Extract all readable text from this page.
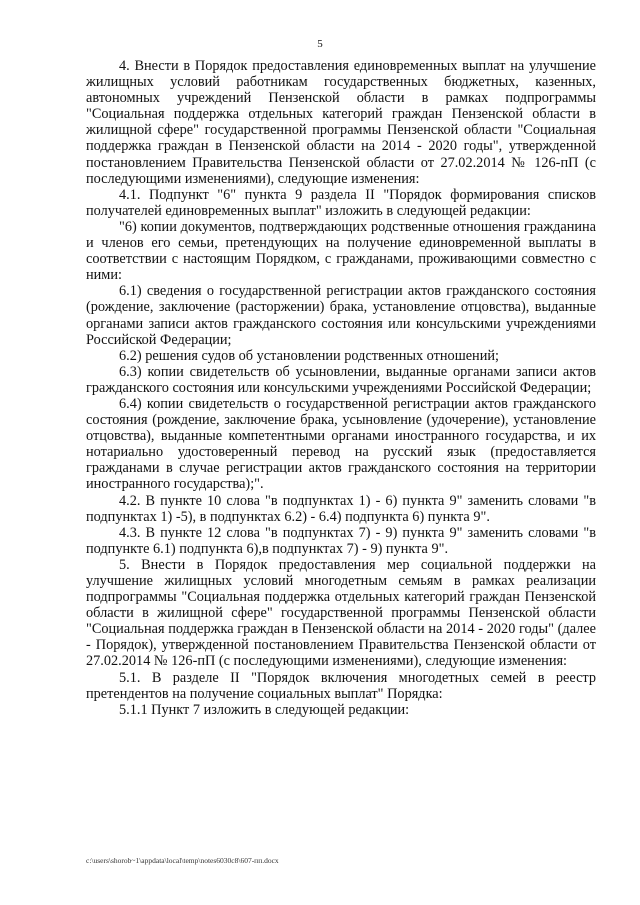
5

4. Внести в Порядок предоставления единовременных выплат на улучшение жилищных условий работникам государственных бюджетных, казенных, автономных учреждений Пензенской области в рамках подпрограммы "Социальная поддержка отдельных категорий граждан Пензенской области в жилищной сфере" государственной программы Пензенской области "Социальная поддержка граждан в Пензенской области на 2014 - 2020 годы", утвержденной постановлением Правительства Пензенской области от 27.02.2014 № 126-пП (с последующими изменениями), следующие изменения:

4.1. Подпункт "6" пункта 9 раздела II "Порядок формирования списков получателей единовременных выплат" изложить в следующей редакции:

"6) копии документов, подтверждающих родственные отношения гражданина и членов его семьи, претендующих на получение единовременной выплаты в соответствии с настоящим Порядком, с гражданами, проживающими совместно с ними:

6.1) сведения о государственной регистрации актов гражданского состояния (рождение, заключение (расторжении) брака, установление отцовства), выданные органами записи актов гражданского состояния или консульскими учреждениями Российской Федерации;

6.2) решения судов об установлении родственных отношений;

6.3) копии свидетельств об усыновлении, выданные органами записи актов гражданского состояния или консульскими учреждениями Российской Федерации;

6.4) копии свидетельств о государственной регистрации актов гражданского состояния (рождение, заключение брака, усыновление (удочерение), установление отцовства), выданные компетентными органами иностранного государства, и их нотариально удостоверенный перевод на русский язык (предоставляется гражданами в случае регистрации актов гражданского состояния на территории иностранного государства);".

4.2. В пункте 10 слова "в подпунктах 1) - 6) пункта 9" заменить словами "в подпунктах 1) -5), в подпунктах 6.2) - 6.4) подпункта 6) пункта 9".

4.3. В пункте 12 слова "в подпунктах 7) - 9) пункта 9" заменить словами "в подпункте 6.1) подпункта 6),в подпунктах 7) - 9) пункта 9".

5. Внести в Порядок предоставления мер социальной поддержки на улучшение жилищных условий многодетным семьям в рамках реализации подпрограммы "Социальная поддержка отдельных категорий граждан Пензенской области в жилищной сфере" государственной программы Пензенской области "Социальная поддержка граждан в Пензенской области на 2014 - 2020 годы" (далее - Порядок), утвержденной постановлением Правительства Пензенской области от 27.02.2014 № 126-пП (с последующими изменениями), следующие изменения:

5.1. В разделе II "Порядок включения многодетных семей в реестр претендентов на получение социальных выплат" Порядка:

5.1.1 Пункт 7 изложить в следующей редакции:

c:\users\shorob~1\appdata\local\temp\notes6030c8\607-пп.docx
